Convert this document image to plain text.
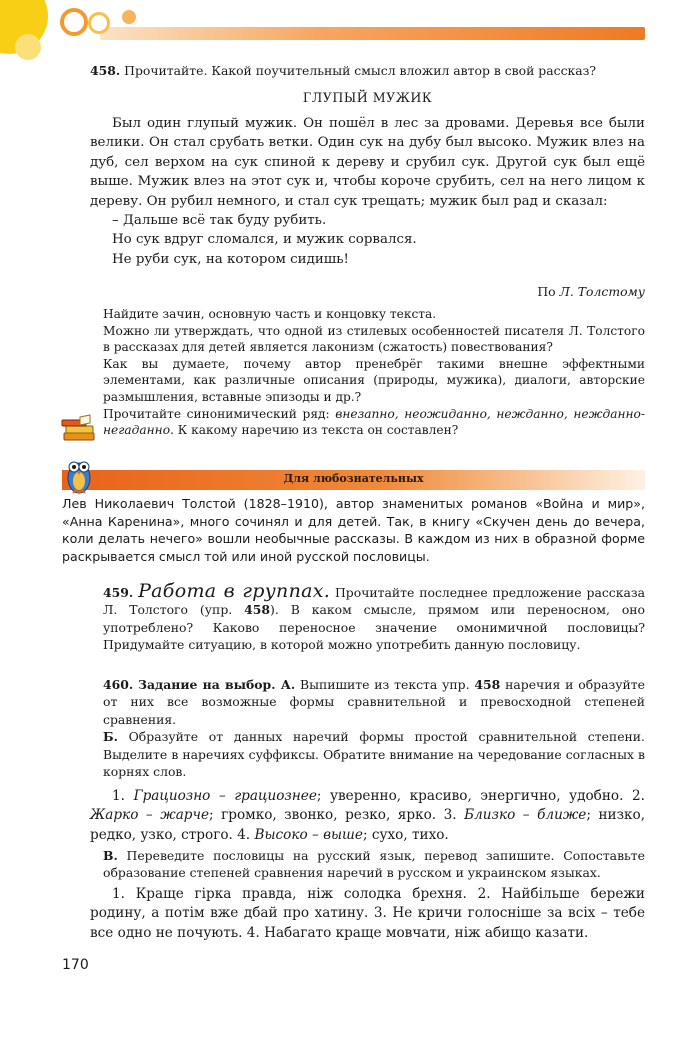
458. Прочитайте. Какой поучительный смысл вложил автор в свой рассказ?
ГЛУПЫЙ МУЖИК

Был один глупый мужик. Он пошёл в лес за дровами. Деревья все были велики. Он стал срубать ветки. Один сук на дубу был высоко. Мужик влез на дуб, сел верхом на сук спиной к дереву и срубил сук. Другой сук был ещё выше. Мужик влез на этот сук и, чтобы короче срубить, сел на него лицом к дереву. Он рубил немного, и стал сук трещать; мужик был рад и сказал:

– Дальше всё так буду рубить.

Но сук вдруг сломался, и мужик сорвался.

Не руби сук, на котором сидишь!

По Л. Толстому

Найдите зачин, основную часть и концовку текста.

Можно ли утверждать, что одной из стилевых особенностей писателя Л. Толстого в рассказах для детей является лаконизм (сжатость) повествования?

Как вы думаете, почему автор пренебрёг такими внешне эффектными элементами, как различные описания (природы, мужика), диалоги, авторские размышления, вставные эпизоды и др.?

Прочитайте синонимический ряд: внезапно, неожиданно, нежданно, нежданно-негаданно. К какому наречию из текста он составлен?

Для любознательных
Лев Николаевич Толстой (1828–1910), автор знаменитых романов «Война и мир», «Анна Каренина», много сочинял и для детей. Так, в книгу «Скучен день до вечера, коли делать нечего» вошли необычные рассказы. В каждом из них в образной форме раскрывается смысл той или иной русской пословицы.
459. Работа в группах. Прочитайте последнее предложение рассказа Л. Толстого (упр. 458). В каком смысле, прямом или переносном, оно употреблено? Каково переносное значение омонимичной пословицы? Придумайте ситуацию, в которой можно употребить данную пословицу.

460. Задание на выбор. А. Выпишите из текста упр. 458 наречия и образуйте от них все возможные формы сравнительной и превосходной степеней сравнения.

Б. Образуйте от данных наречий формы простой сравнительной степени. Выделите в наречиях суффиксы. Обратите внимание на чередование согласных в корнях слов.

1. Грациозно – грациознее; уверенно, красиво, энергично, удобно. 2. Жарко – жарче; громко, звонко, резко, ярко. 3. Близко – ближе; низко, редко, узко, строго. 4. Высоко – выше; сухо, тихо.

В. Переведите пословицы на русский язык, перевод запишите. Сопоставьте образование степеней сравнения наречий в русском и украинском языках.

1. Краще гірка правда, ніж солодка брехня. 2. Найбільше бережи родину, а потім вже дбай про хатину. 3. Не кричи голосніше за всіх – тебе все одно не почують. 4. Набагато краще мовчати, ніж абищо казати.

170
